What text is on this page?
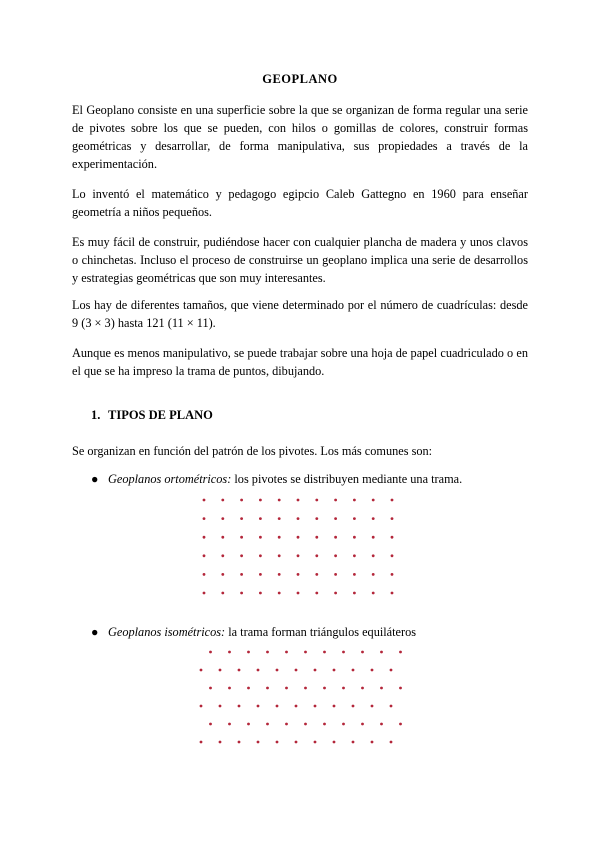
GEOPLANO

El Geoplano consiste en una superficie sobre la que se organizan de forma regular una serie de pivotes sobre los que se pueden, con hilos o gomillas de colores, construir formas geométricas y desarrollar, de forma manipulativa, sus propiedades a través de la experimentación.

Lo inventó el matemático y pedagogo egipcio Caleb Gattegno en 1960 para enseñar geometría a niños pequeños.

Es muy fácil de construir, pudiéndose hacer con cualquier plancha de madera y unos clavos o chinchetas. Incluso el proceso de construirse un geoplano implica una serie de desarrollos y estrategias geométricas que son muy interesantes.

Los hay de diferentes tamaños, que viene determinado por el número de cuadrículas: desde 9 (3 × 3) hasta 121 (11 × 11).

Aunque es menos manipulativo, se puede trabajar sobre una hoja de papel cuadriculado o en el que se ha impreso la trama de puntos, dibujando.

1. TIPOS DE PLANO

Se organizan en función del patrón de los pivotes. Los más comunes son:

● Geoplanos ortométricos: los pivotes se distribuyen mediante una trama.
● Geoplanos isométricos: la trama forman triángulos equiláteros
